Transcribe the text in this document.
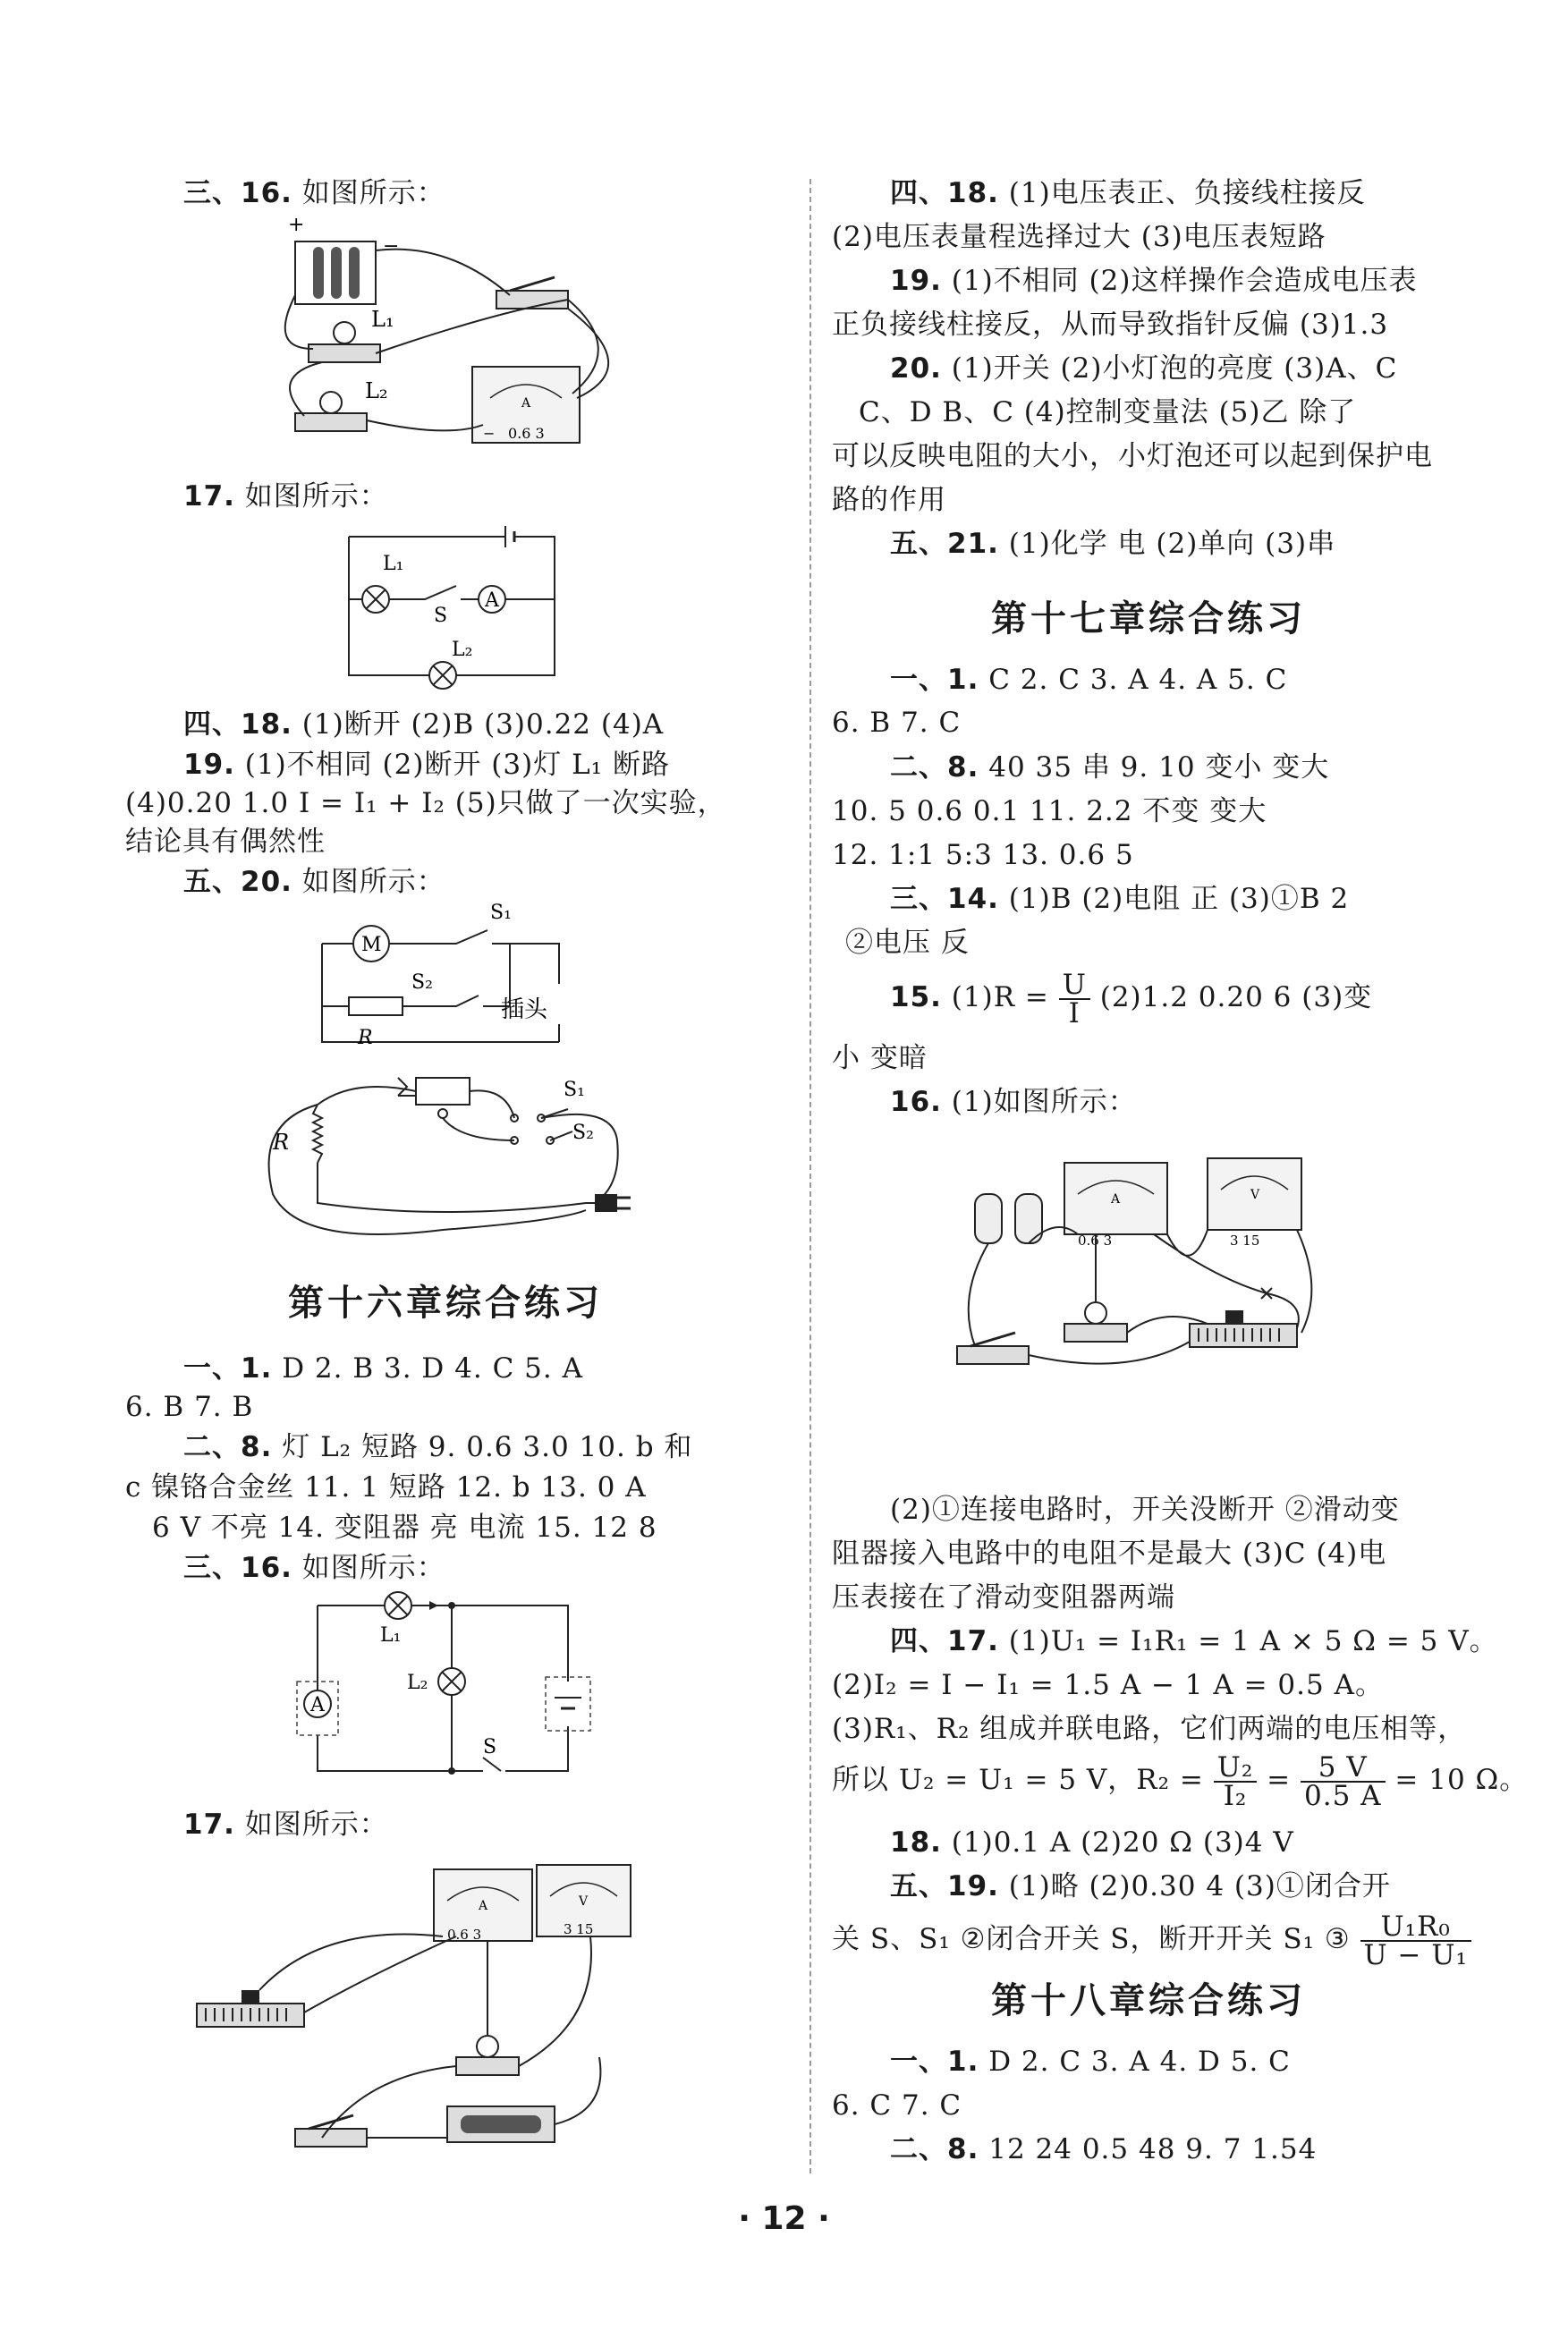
三、16. 如图所示：
+
−
L₁
L₂	A
− 0.6 3
17. 如图所示：
L₁
S
A
L₂
四、18. (1)断开 (2)B (3)0.22 (4)A
19. (1)不相同 (2)断开 (3)灯 L₁ 断路
(4)0.20 1.0 I = I₁ + I₂ (5)只做了一次实验，
结论具有偶然性
五、20. 如图所示：
M
R
S₁
S₂
插头
R
S₁
S₂
第十六章综合练习
一、1. D 2. B 3. D 4. C 5. A
6. B 7. B
二、8. 灯 L₂ 短路 9. 0.6 3.0 10. b 和
c 镍铬合金丝 11. 1 短路 12. b 13. 0 A
6 V 不亮 14. 变阻器 亮 电流 15. 12 8
三、16. 如图所示：
L₁
L₂
A
S
17. 如图所示：
A
0.6 3
V
3 15
四、18. (1)电压表正、负接线柱接反
(2)电压表量程选择过大 (3)电压表短路
19. (1)不相同 (2)这样操作会造成电压表
正负接线柱接反，从而导致指针反偏 (3)1.3
20. (1)开关 (2)小灯泡的亮度 (3)A、C
C、D B、C (4)控制变量法 (5)乙 除了
可以反映电阻的大小，小灯泡还可以起到保护电
路的作用
五、21. (1)化学 电 (2)单向 (3)串
第十七章综合练习
一、1. C 2. C 3. A 4. A 5. C
6. B 7. C
二、8. 40 35 串 9. 10 变小 变大
10. 5 0.6 0.1 11. 2.2 不变 变大
12. 1:1 5:3 13. 0.6 5
三、14. (1)B (2)电阻 正 (3)①B 2
②电压 反
15. $(1)R = \frac{U}{I} (2)1.2$ 0.20 6 (3)变
小 变暗
16. (1)如图所示：
A
0.6 3
V
3 15
(2)①连接电路时，开关没断开 ②滑动变
阻器接入电路中的电阻不是最大 (3)C (4)电
压表接在了滑动变阻器两端
四、17. (1)U₁ = I₁R₁ = 1 A × 5 Ω = 5 V。
(2)I₂ = I − I₁ = 1.5 A − 1 A = 0.5 A。
(3)R₁、R₂ 组成并联电路，它们两端的电压相等，
所以 U₂ = U₁ = 5 V，$R_2 = \frac{\text{U₂}}{\text{I₂}} = \frac{5 V}{0.5 A} = 10$ Ω。
18. (1)0.1 A (2)20 Ω (3)4 V
五、19. (1)略 (2)0.30 4 (3)①闭合开
关 S、S₁ ②闭合开关 S，断开开关 S₁ ③ $\frac{\text{U₁R₀}}{\text{U − U₁}}$
第十八章综合练习
一、1. D 2. C 3. A 4. D 5. C
6. C 7. C
二、8. 12 24 0.5 48 9. 7 1.54
· 12 ·
